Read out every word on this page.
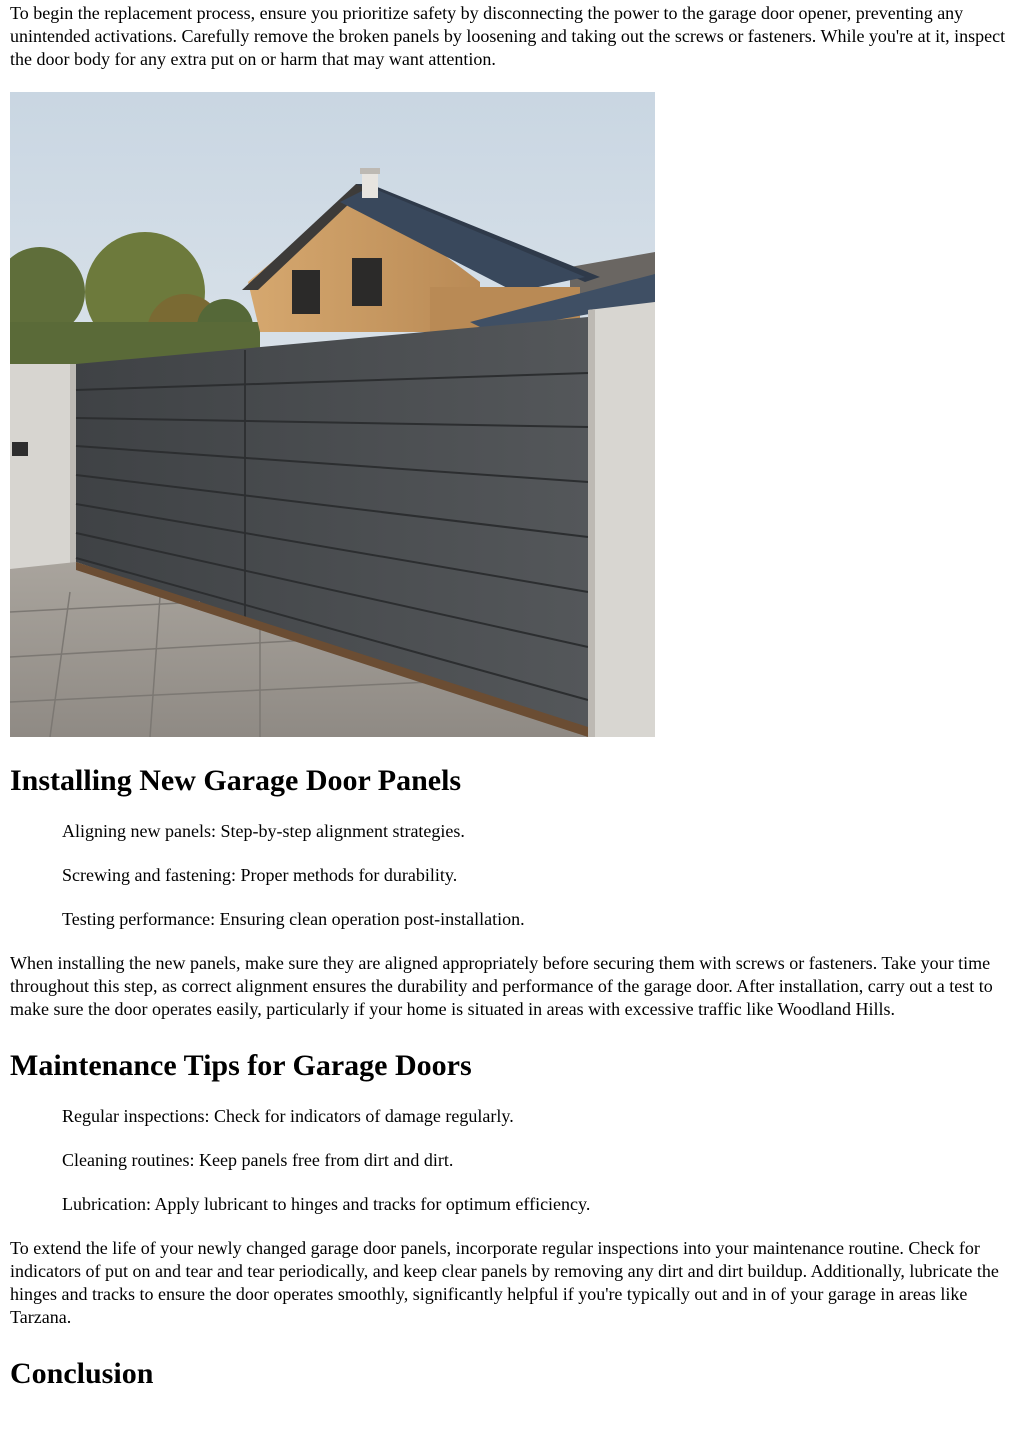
To begin the replacement process, ensure you prioritize safety by disconnecting the power to the garage door opener, preventing any unintended activations. Carefully remove the broken panels by loosening and taking out the screws or fasteners. While you're at it, inspect the door body for any extra put on or harm that may want attention.

Installing New Garage Door Panels
Aligning new panels: Step-by-step alignment strategies.
Screwing and fastening: Proper methods for durability.
Testing performance: Ensuring clean operation post-installation.

When installing the new panels, make sure they are aligned appropriately before securing them with screws or fasteners. Take your time throughout this step, as correct alignment ensures the durability and performance of the garage door. After installation, carry out a test to make sure the door operates easily, particularly if your home is situated in areas with excessive traffic like Woodland Hills.

Maintenance Tips for Garage Doors
Regular inspections: Check for indicators of damage regularly.
Cleaning routines: Keep panels free from dirt and dirt.
Lubrication: Apply lubricant to hinges and tracks for optimum efficiency.

To extend the life of your newly changed garage door panels, incorporate regular inspections into your maintenance routine. Check for indicators of put on and tear and tear periodically, and keep clear panels by removing any dirt and dirt buildup. Additionally, lubricate the hinges and tracks to ensure the door operates smoothly, significantly helpful if you're typically out and in of your garage in areas like Tarzana.

Conclusion
